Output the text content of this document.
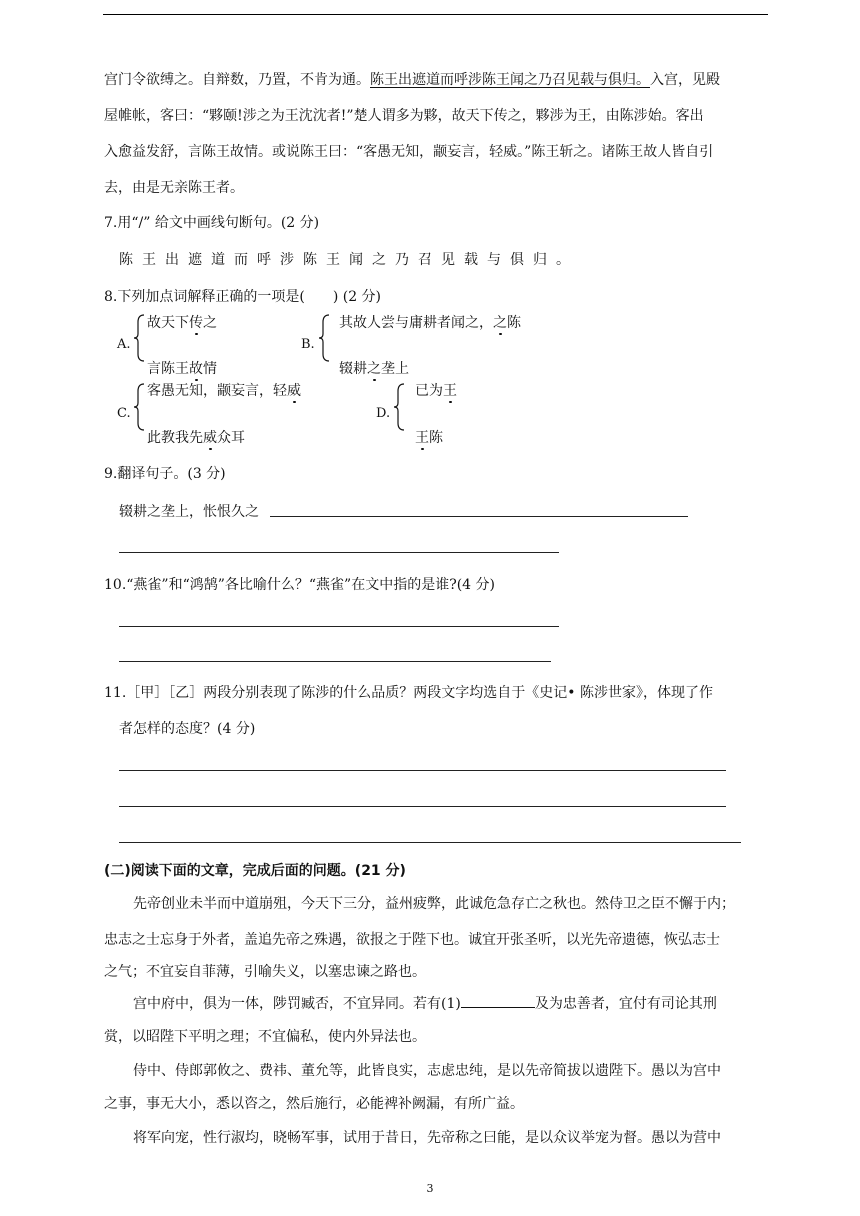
宫门令欲缚之。自辩数，乃置，不肯为通。陈王出遮道而呼涉陈王闻之乃召见载与俱归。入宫，见殿
屋帷帐，客曰：“夥颐!涉之为王沈沈者!”楚人谓多为夥，故天下传之，夥涉为王，由陈涉始。客出
入愈益发舒，言陈王故情。或说陈王曰：“客愚无知，颛妄言，轻威。”陈王斩之。诸陈王故人皆自引
去，由是无亲陈王者。
7.用“/” 给文中画线句断句。(2 分)
陈王出遮道而呼涉陈王闻之乃召见载与俱归。
8.下列加点词解释正确的一项是(　　) (2 分)
A.
故天下传之
言陈王故情
B.
其故人尝与庸耕者闻之，之陈
辍耕之垄上
C.
客愚无知，颛妄言，轻威
此教我先威众耳
D.
已为王
王陈
9.翻译句子。(3 分)
辍耕之垄上，怅恨久之
10.“燕雀”和“鸿鹄”各比喻什么？“燕雀”在文中指的是谁?(4 分)
11.［甲］［乙］两段分别表现了陈涉的什么品质？两段文字均选自于《史记• 陈涉世家》，体现了作
者怎样的态度？(4 分)
(二)阅读下面的文章，完成后面的问题。(21 分)
先帝创业未半而中道崩殂，今天下三分，益州疲弊，此诚危急存亡之秋也。然侍卫之臣不懈于内；
忠志之士忘身于外者，盖追先帝之殊遇，欲报之于陛下也。诚宜开张圣听，以光先帝遗德，恢弘志士
之气；不宜妄自菲薄，引喻失义，以塞忠谏之路也。
宫中府中，俱为一体，陟罚臧否，不宜异同。若有(1)	及为忠善者，宜付有司论其刑
赏，以昭陛下平明之理；不宜偏私，使内外异法也。
侍中、侍郎郭攸之、费祎、董允等，此皆良实，志虑忠纯，是以先帝简拔以遗陛下。愚以为宫中
之事，事无大小，悉以咨之，然后施行，必能裨补阙漏，有所广益。
将军向宠，性行淑均，晓畅军事，试用于昔日，先帝称之曰能，是以众议举宠为督。愚以为营中
3
